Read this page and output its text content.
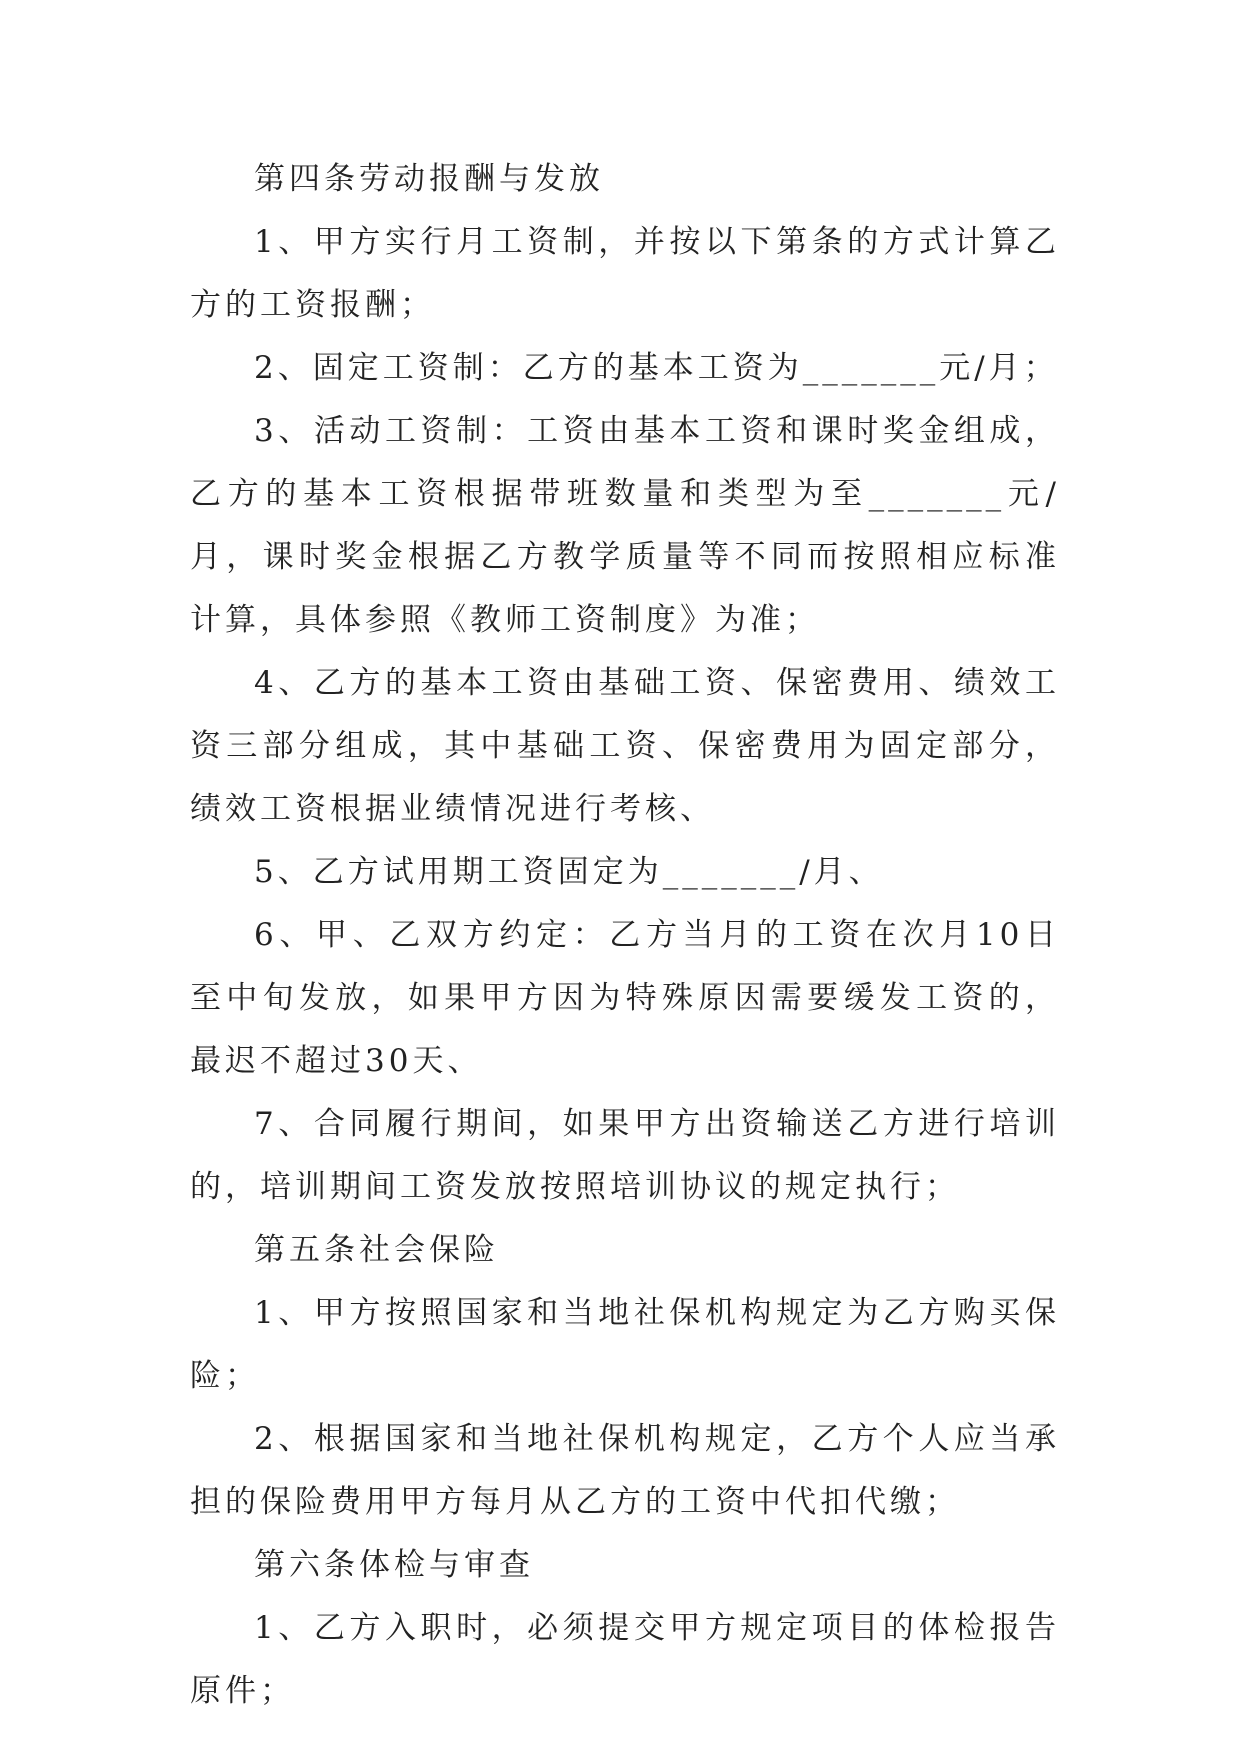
第四条劳动报酬与发放

1、甲方实行月工资制，并按以下第条的方式计算乙方的工资报酬；

2、固定工资制：乙方的基本工资为_______元/月；

3、活动工资制：工资由基本工资和课时奖金组成，乙方的基本工资根据带班数量和类型为至_______元/月，课时奖金根据乙方教学质量等不同而按照相应标准计算，具体参照《教师工资制度》为准；

4、乙方的基本工资由基础工资、保密费用、绩效工资三部分组成，其中基础工资、保密费用为固定部分，绩效工资根据业绩情况进行考核、

5、乙方试用期工资固定为_______/月、

6、甲、乙双方约定：乙方当月的工资在次月10日至中旬发放，如果甲方因为特殊原因需要缓发工资的，最迟不超过30天、

7、合同履行期间，如果甲方出资输送乙方进行培训的，培训期间工资发放按照培训协议的规定执行；

第五条社会保险

1、甲方按照国家和当地社保机构规定为乙方购买保险；

2、根据国家和当地社保机构规定，乙方个人应当承担的保险费用甲方每月从乙方的工资中代扣代缴；

第六条体检与审查

1、乙方入职时，必须提交甲方规定项目的体检报告原件；
